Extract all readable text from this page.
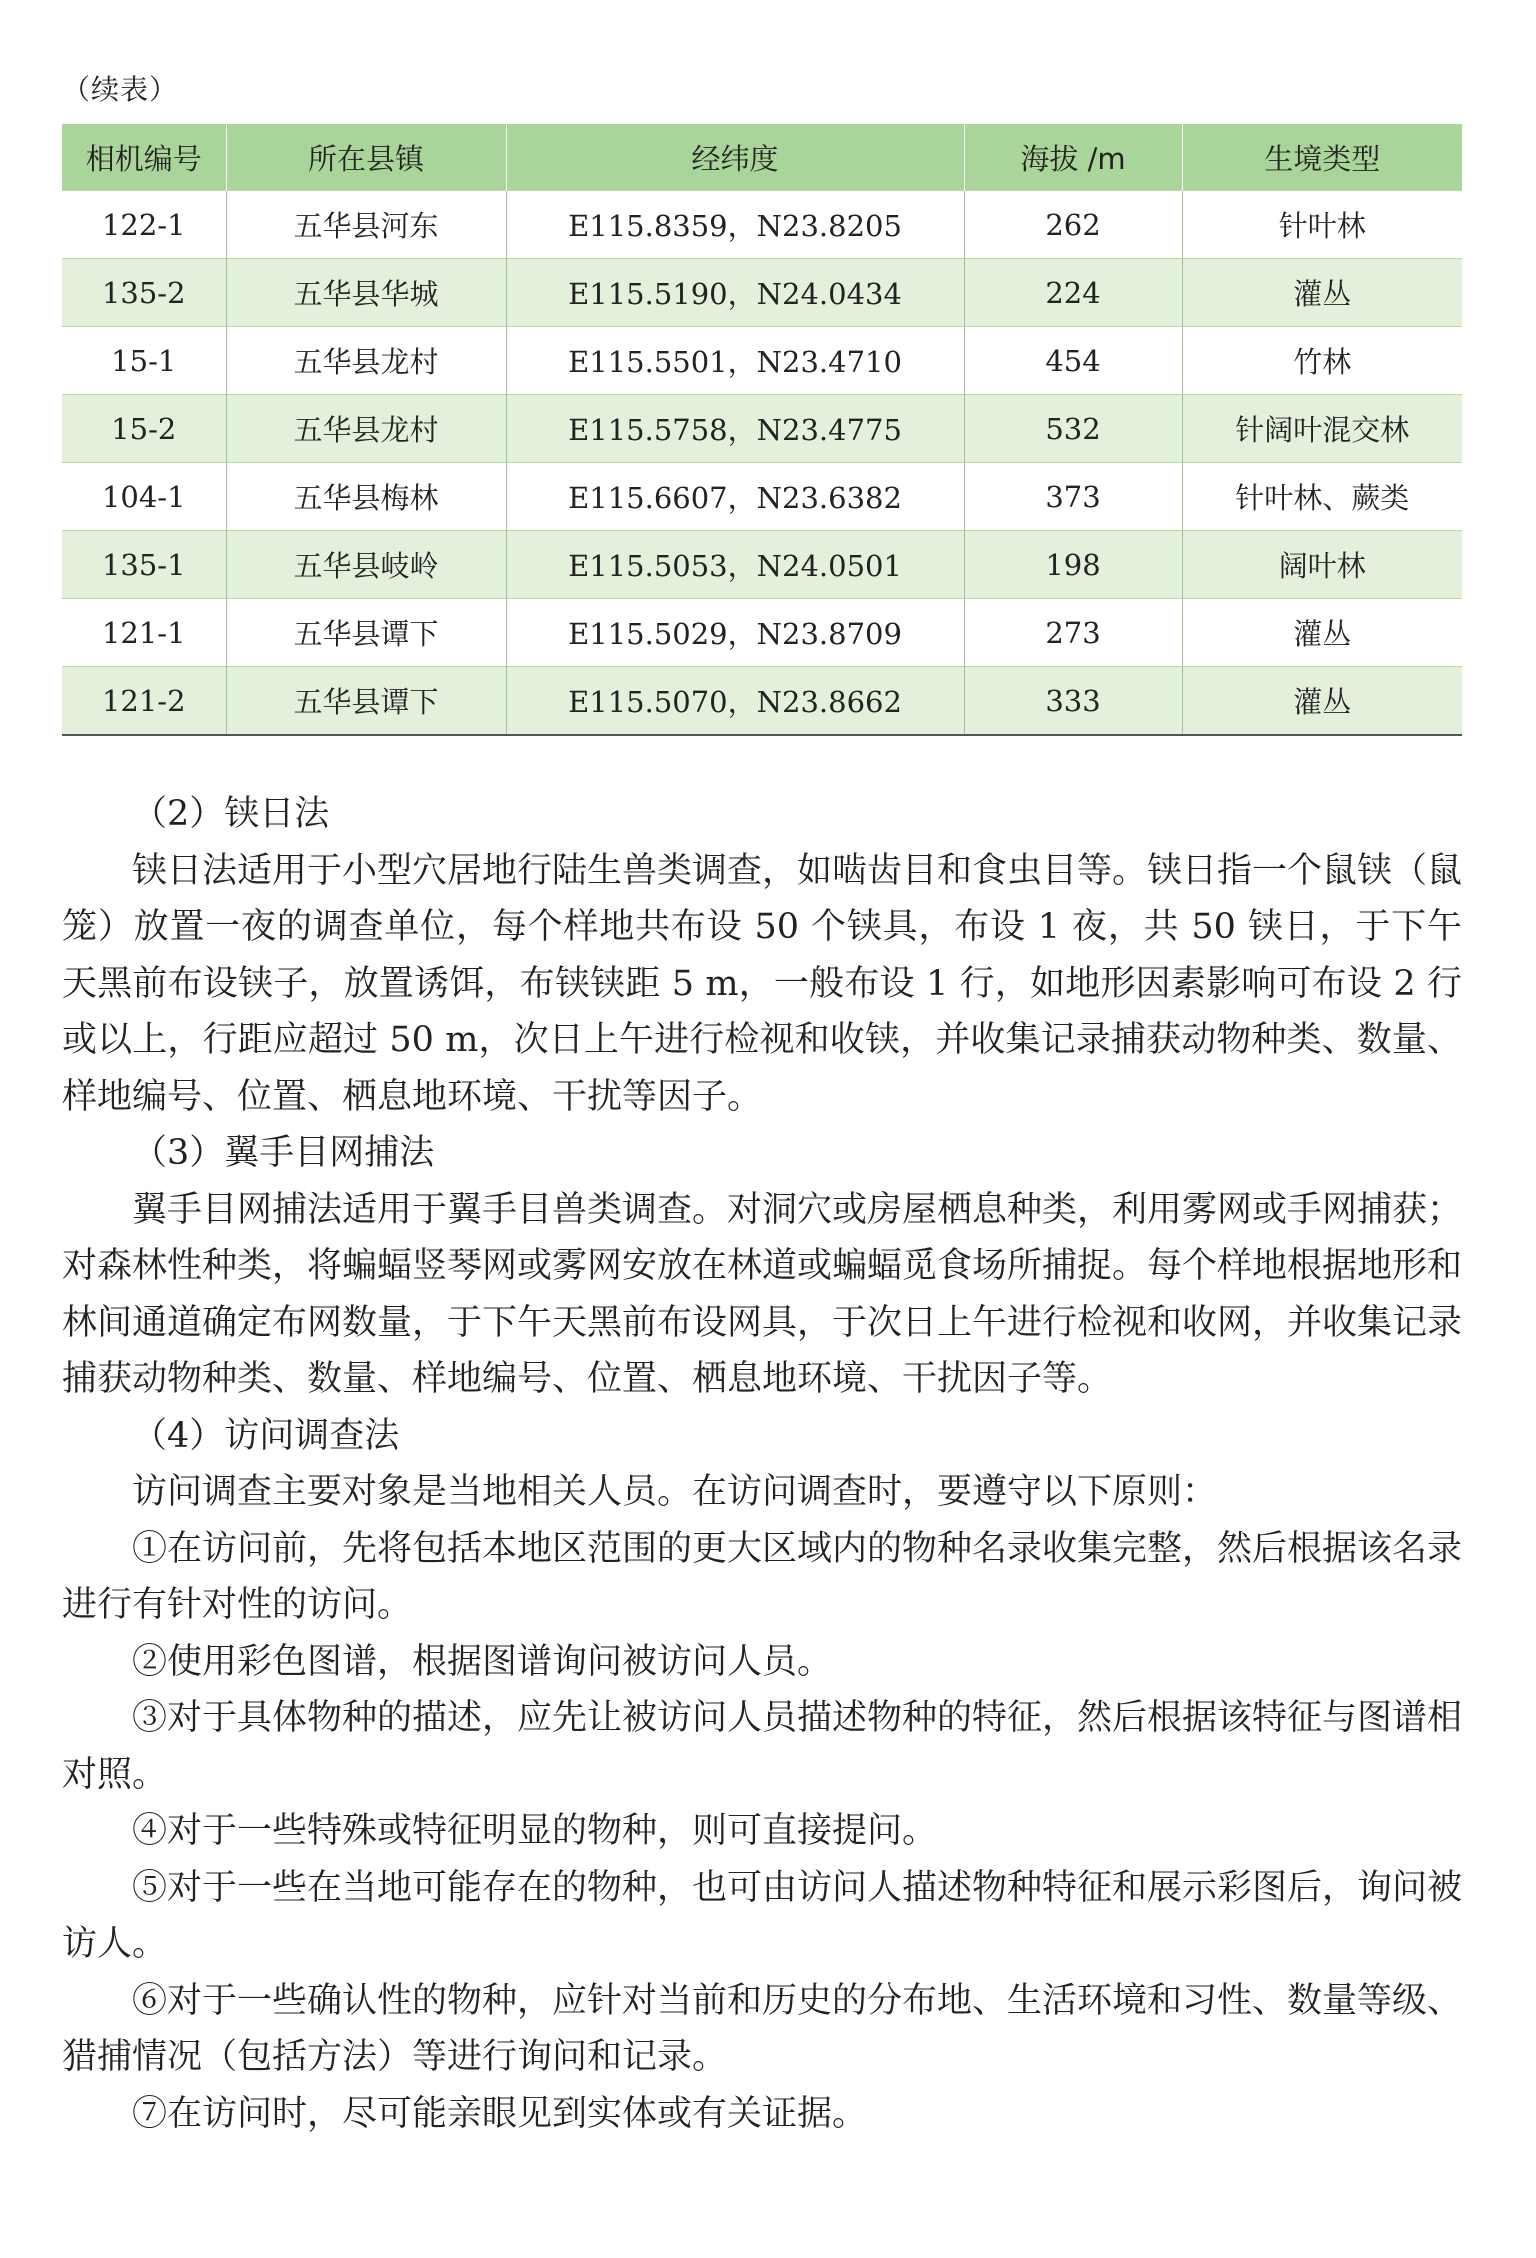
（续表）
相机编号	所在县镇	经纬度	海拔 /m	生境类型
122-1	五华县河东	E115.8359，N23.8205	262	针叶林
135-2	五华县华城	E115.5190，N24.0434	224	灌丛
15-1	五华县龙村	E115.5501，N23.4710	454	竹林
15-2	五华县龙村	E115.5758，N23.4775	532	针阔叶混交林
104-1	五华县梅林	E115.6607，N23.6382	373	针叶林、蕨类
135-1	五华县岐岭	E115.5053，N24.0501	198	阔叶林
121-1	五华县谭下	E115.5029，N23.8709	273	灌丛
121-2	五华县谭下	E115.5070，N23.8662	333	灌丛

（2）铗日法

铗日法适用于小型穴居地行陆生兽类调查，如啮齿目和食虫目等。铗日指一个鼠铗（鼠笼）放置一夜的调查单位，每个样地共布设 50 个铗具，布设 1 夜，共 50 铗日，于下午天黑前布设铗子，放置诱饵，布铗铗距 5 m，一般布设 1 行，如地形因素影响可布设 2 行或以上，行距应超过 50 m，次日上午进行检视和收铗，并收集记录捕获动物种类、数量、样地编号、位置、栖息地环境、干扰等因子。

（3）翼手目网捕法

翼手目网捕法适用于翼手目兽类调查。对洞穴或房屋栖息种类，利用雾网或手网捕获；对森林性种类，将蝙蝠竖琴网或雾网安放在林道或蝙蝠觅食场所捕捉。每个样地根据地形和林间通道确定布网数量，于下午天黑前布设网具，于次日上午进行检视和收网，并收集记录捕获动物种类、数量、样地编号、位置、栖息地环境、干扰因子等。

（4）访问调查法

访问调查主要对象是当地相关人员。在访问调查时，要遵守以下原则：

①在访问前，先将包括本地区范围的更大区域内的物种名录收集完整，然后根据该名录进行有针对性的访问。

②使用彩色图谱，根据图谱询问被访问人员。

③对于具体物种的描述，应先让被访问人员描述物种的特征，然后根据该特征与图谱相对照。

④对于一些特殊或特征明显的物种，则可直接提问。

⑤对于一些在当地可能存在的物种，也可由访问人描述物种特征和展示彩图后，询问被访人。

⑥对于一些确认性的物种，应针对当前和历史的分布地、生活环境和习性、数量等级、猎捕情况（包括方法）等进行询问和记录。

⑦在访问时，尽可能亲眼见到实体或有关证据。
